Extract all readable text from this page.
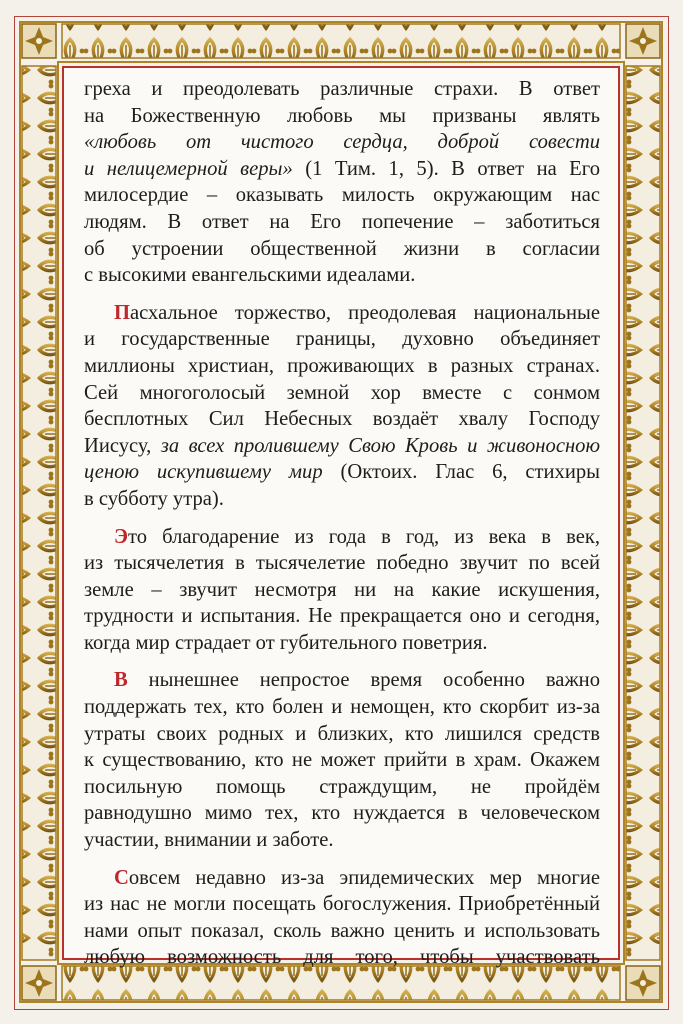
греха и преодолевать различные страхи. В ответ
на Божественную любовь мы призваны являть
«любовь от чистого сердца, доброй совести
и нелицемерной веры» (1 Тим. 1, 5). В ответ на Его
милосердие – оказывать милость окружающим нас
людям. В ответ на Его попечение – заботиться
об устроении общественной жизни в согласии
с высокими евангельскими идеалами.
Пасхальное торжество, преодолевая национальные
и государственные границы, духовно объединяет
миллионы христиан, проживающих в разных странах.
Сей многоголосый земной хор вместе с сонмом
бесплотных Сил Небесных воздаёт хвалу Господу
Иисусу, за всех пролившему Свою Кровь и живоносною
ценою искупившему мир (Октоих. Глас 6, стихиры
в субботу утра).
Это благодарение из года в год, из века в век,
из тысячелетия в тысячелетие победно звучит по всей
земле – звучит несмотря ни на какие искушения,
трудности и испытания. Не прекращается оно и сегодня,
когда мир страдает от губительного поветрия.
В нынешнее непростое время особенно важно
поддержать тех, кто болен и немощен, кто скорбит из-за
утраты своих родных и близких, кто лишился средств
к существованию, кто не может прийти в храм. Окажем
посильную помощь страждущим, не пройдём
равнодушно мимо тех, кто нуждается в человеческом
участии, внимании и заботе.
Совсем недавно из-за эпидемических мер многие
из нас не могли посещать богослужения. Приобретённый
нами опыт показал, сколь важно ценить и использовать
любую возможность для того, чтобы участвовать
